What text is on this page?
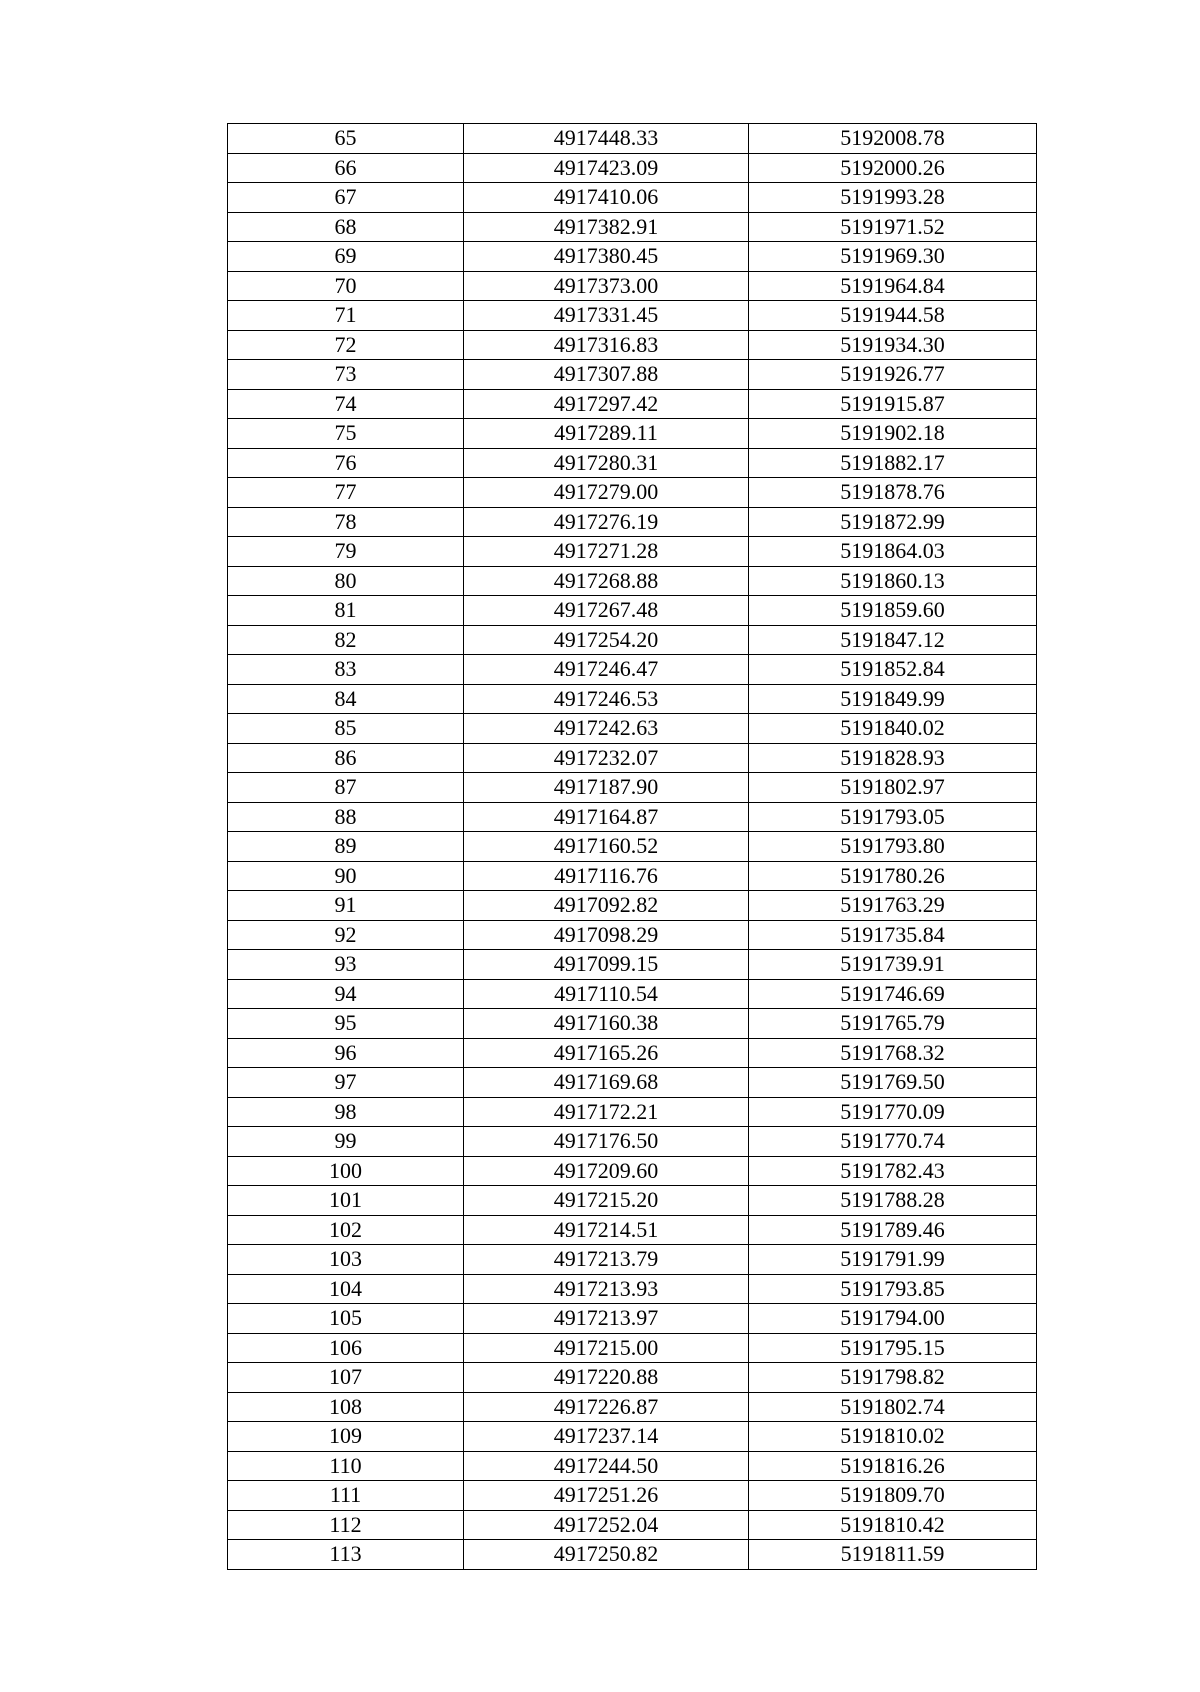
65	4917448.33	5192008.78
66	4917423.09	5192000.26
67	4917410.06	5191993.28
68	4917382.91	5191971.52
69	4917380.45	5191969.30
70	4917373.00	5191964.84
71	4917331.45	5191944.58
72	4917316.83	5191934.30
73	4917307.88	5191926.77
74	4917297.42	5191915.87
75	4917289.11	5191902.18
76	4917280.31	5191882.17
77	4917279.00	5191878.76
78	4917276.19	5191872.99
79	4917271.28	5191864.03
80	4917268.88	5191860.13
81	4917267.48	5191859.60
82	4917254.20	5191847.12
83	4917246.47	5191852.84
84	4917246.53	5191849.99
85	4917242.63	5191840.02
86	4917232.07	5191828.93
87	4917187.90	5191802.97
88	4917164.87	5191793.05
89	4917160.52	5191793.80
90	4917116.76	5191780.26
91	4917092.82	5191763.29
92	4917098.29	5191735.84
93	4917099.15	5191739.91
94	4917110.54	5191746.69
95	4917160.38	5191765.79
96	4917165.26	5191768.32
97	4917169.68	5191769.50
98	4917172.21	5191770.09
99	4917176.50	5191770.74
100	4917209.60	5191782.43
101	4917215.20	5191788.28
102	4917214.51	5191789.46
103	4917213.79	5191791.99
104	4917213.93	5191793.85
105	4917213.97	5191794.00
106	4917215.00	5191795.15
107	4917220.88	5191798.82
108	4917226.87	5191802.74
109	4917237.14	5191810.02
110	4917244.50	5191816.26
111	4917251.26	5191809.70
112	4917252.04	5191810.42
113	4917250.82	5191811.59
